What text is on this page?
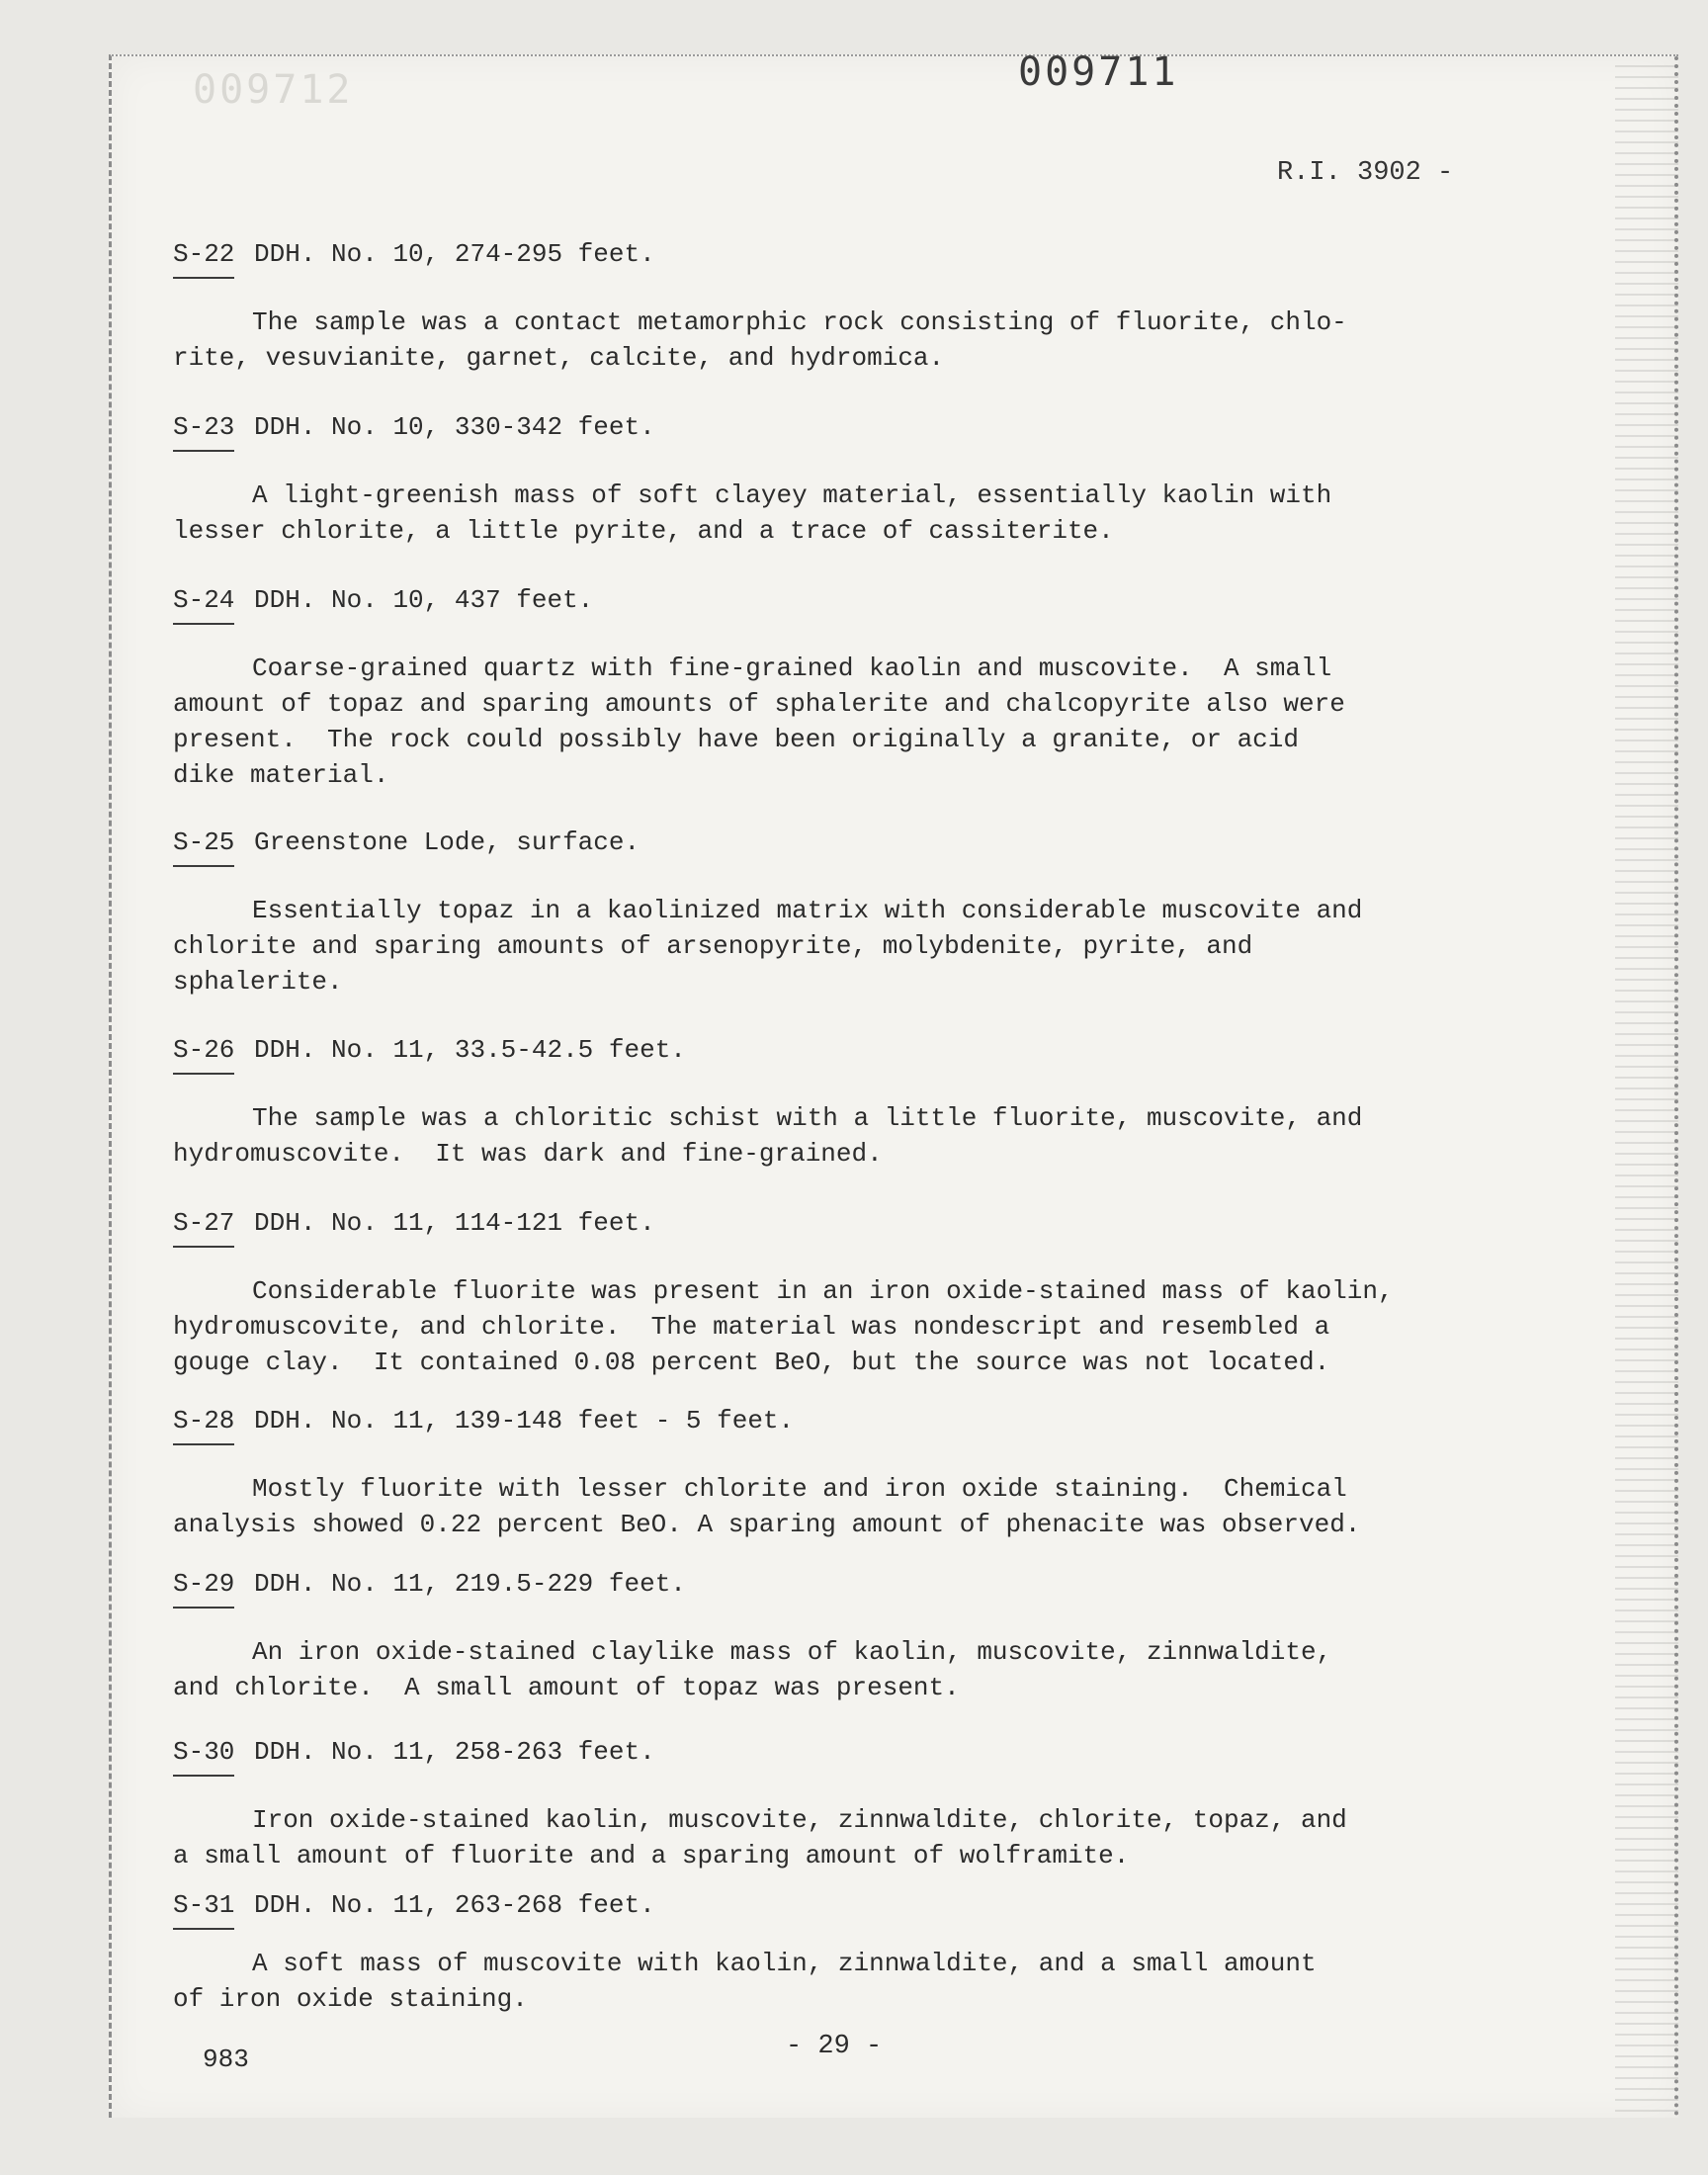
009712	009711
R.I. 3902 -
S-22 DDH. No. 10, 274-295 feet.

The sample was a contact metamorphic rock consisting of fluorite, chlo-
rite, vesuvianite, garnet, calcite, and hydromica.

S-23 DDH. No. 10, 330-342 feet.

A light-greenish mass of soft clayey material, essentially kaolin with
lesser chlorite, a little pyrite, and a trace of cassiterite.

S-24 DDH. No. 10, 437 feet.

Coarse-grained quartz with fine-grained kaolin and muscovite.  A small
amount of topaz and sparing amounts of sphalerite and chalcopyrite also were
present.  The rock could possibly have been originally a granite, or acid
dike material.

S-25 Greenstone Lode, surface.

Essentially topaz in a kaolinized matrix with considerable muscovite and
chlorite and sparing amounts of arsenopyrite, molybdenite, pyrite, and
sphalerite.

S-26 DDH. No. 11, 33.5-42.5 feet.

The sample was a chloritic schist with a little fluorite, muscovite, and
hydromuscovite.  It was dark and fine-grained.

S-27 DDH. No. 11, 114-121 feet.

Considerable fluorite was present in an iron oxide-stained mass of kaolin,
hydromuscovite, and chlorite.  The material was nondescript and resembled a
gouge clay.  It contained 0.08 percent BeO, but the source was not located.

S-28 DDH. No. 11, 139-148 feet - 5 feet.

Mostly fluorite with lesser chlorite and iron oxide staining.  Chemical
analysis showed 0.22 percent BeO. A sparing amount of phenacite was observed.

S-29 DDH. No. 11, 219.5-229 feet.

An iron oxide-stained claylike mass of kaolin, muscovite, zinnwaldite,
and chlorite.  A small amount of topaz was present.

S-30 DDH. No. 11, 258-263 feet.

Iron oxide-stained kaolin, muscovite, zinnwaldite, chlorite, topaz, and
a small amount of fluorite and a sparing amount of wolframite.

S-31 DDH. No. 11, 263-268 feet.

A soft mass of muscovite with kaolin, zinnwaldite, and a small amount
of iron oxide staining.

983	- 29 -
